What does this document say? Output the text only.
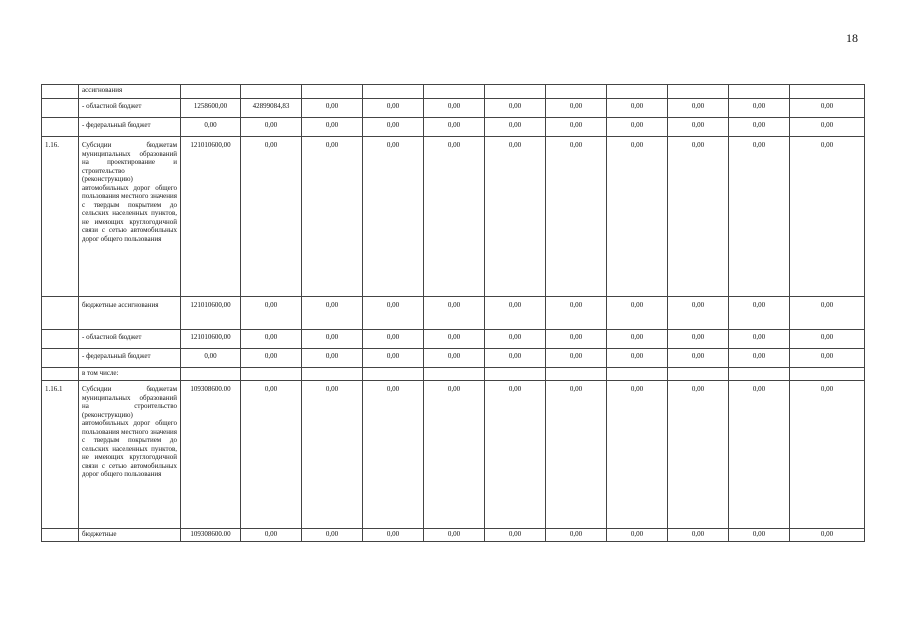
18
	ассигнования											
	- областной бюджет	1258600,00	42899084,83	0,00	0,00	0,00	0,00	0,00	0,00	0,00	0,00	0,00
	- федеральный бюджет	0,00	0,00	0,00	0,00	0,00	0,00	0,00	0,00	0,00	0,00	0,00
1.16.	Субсидии бюджетам муниципальных образований на проектирование и строительство (реконструкцию) автомобильных дорог общего пользования местного значения с твердым покрытием до сельских населенных пунктов, не имеющих круглогодичной связи с сетью автомобильных дорог общего пользования	121010600,00	0,00	0,00	0,00	0,00	0,00	0,00	0,00	0,00	0,00	0,00
	бюджетные ассигнования	121010600,00	0,00	0,00	0,00	0,00	0,00	0,00	0,00	0,00	0,00	0,00
	- областной бюджет	121010600,00	0,00	0,00	0,00	0,00	0,00	0,00	0,00	0,00	0,00	0,00
	- федеральный бюджет	0,00	0,00	0,00	0,00	0,00	0,00	0,00	0,00	0,00	0,00	0,00
	в том числе:											
1.16.1	Субсидии бюджетам муниципальных образований на строительство (реконструкцию) автомобильных дорог общего пользования местного значения с твердым покрытием до сельских населенных пунктов, не имеющих круглогодичной связи с сетью автомобильных дорог общего пользования	109308600.00	0,00	0,00	0,00	0,00	0,00	0,00	0,00	0,00	0,00	0,00
	бюджетные	109308600.00	0,00	0,00	0,00	0,00	0,00	0,00	0,00	0,00	0,00	0,00
